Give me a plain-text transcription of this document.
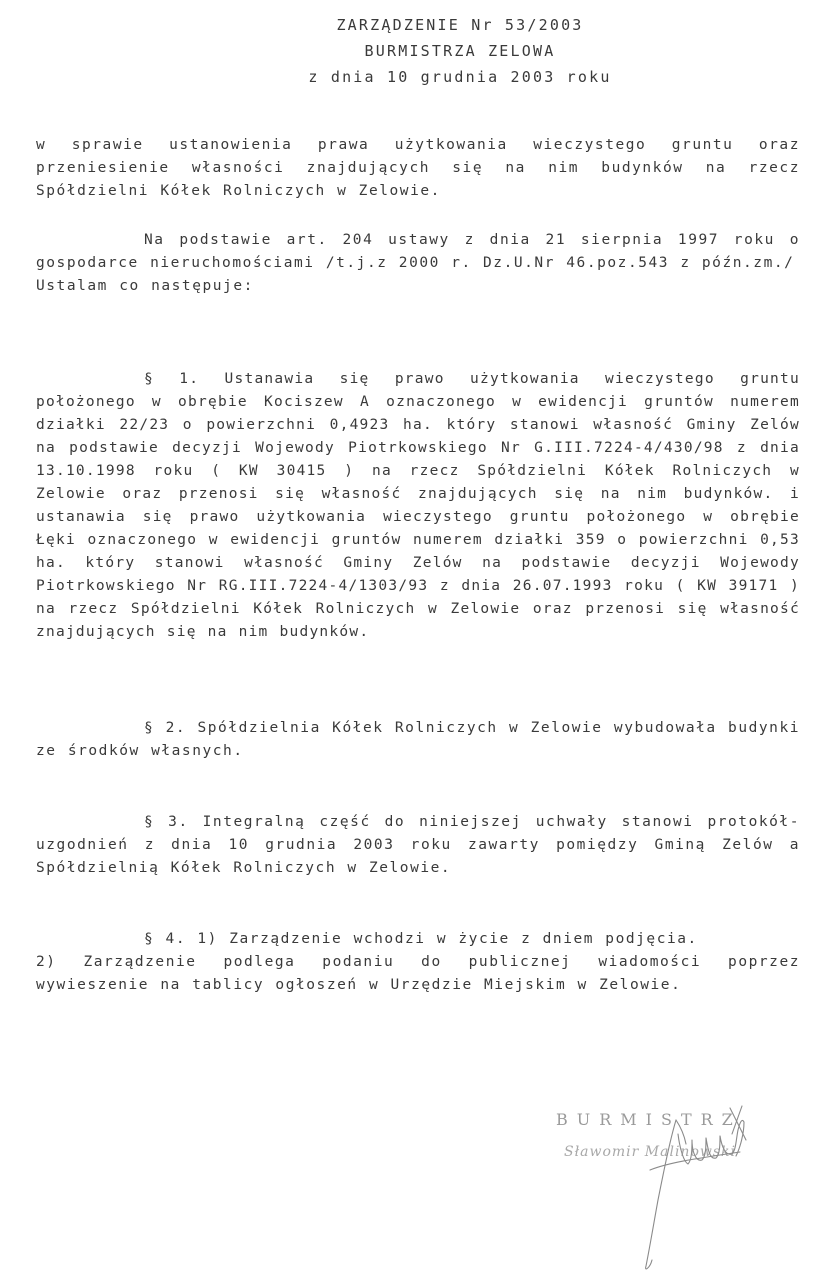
ZARZĄDZENIE Nr 53/2003
BURMISTRZA ZELOWA
z dnia 10 grudnia 2003 roku
w sprawie ustanowienia prawa użytkowania wieczystego gruntu oraz przeniesienie własności znajdujących się na nim budynków na rzecz Spółdzielni Kółek Rolniczych w Zelowie.
Na podstawie art. 204 ustawy z dnia 21 sierpnia 1997 roku o gospodarce nieruchomościami /t.j.z 2000 r. Dz.U.Nr 46.poz.543 z późn.zm./
Ustalam co następuje:
§ 1. Ustanawia się prawo użytkowania wieczystego gruntu położonego w obrębie Kociszew A oznaczonego w ewidencji gruntów numerem działki 22/23 o powierzchni 0,4923 ha. który stanowi własność Gminy Zelów na podstawie decyzji Wojewody Piotrkowskiego Nr G.III.7224-4/430/98 z dnia 13.10.1998 roku ( KW 30415 ) na rzecz Spółdzielni Kółek Rolniczych w Zelowie oraz przenosi się własność znajdujących się na nim budynków. i ustanawia się prawo użytkowania wieczystego gruntu położonego w obrębie Łęki oznaczonego w ewidencji gruntów numerem działki 359 o powierzchni 0,53 ha. który stanowi własność Gminy Zelów na podstawie decyzji Wojewody Piotrkowskiego Nr RG.III.7224-4/1303/93 z dnia 26.07.1993 roku ( KW 39171 ) na rzecz Spółdzielni Kółek Rolniczych w Zelowie oraz przenosi się własność znajdujących się na nim budynków.
§ 2. Spółdzielnia Kółek Rolniczych w Zelowie wybudowała budynki ze środków własnych.
§ 3. Integralną część do niniejszej uchwały stanowi protokół-uzgodnień z dnia 10 grudnia 2003 roku zawarty pomiędzy Gminą Zelów a Spółdzielnią Kółek Rolniczych w Zelowie.
§ 4. 1) Zarządzenie wchodzi w życie z dniem podjęcia.
2) Zarządzenie podlega podaniu do publicznej wiadomości poprzez wywieszenie na tablicy ogłoszeń w Urzędzie Miejskim w Zelowie.
BURMISTRZ
Sławomir Malinowski
